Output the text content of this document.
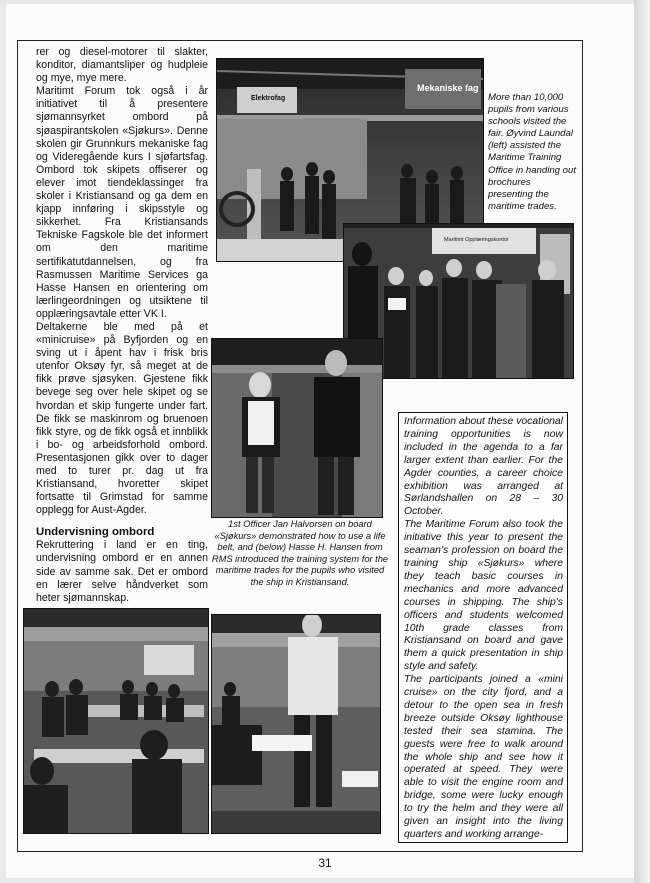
rer og diesel-motorer til slakter, konditor, diamantsliper og hudpleie og mye, mye mere.

Maritimt Forum tok også i år initiativet til å presentere sjømannsyrket ombord på sjøaspirantskolen «Sjøkurs». Denne skolen gir Grunnkurs mekaniske fag og Videregående kurs I sjøfartsfag. Ombord tok skipets offiserer og elever imot tiendeklassinger fra skoler i Kristiansand og ga dem en kjapp innføring i skipsstyle og sikkerhet. Fra Kristiansands Tekniske Fagskole ble det informert om den maritime sertifikatutdannelsen, og fra Rasmussen Maritime Services ga Hasse Hansen en orientering om lærlingeordningen og utsiktene til opplæringsavtale etter VK I.

Deltakerne ble med på et «minicruise» på Byfjorden og en sving ut i åpent hav i frisk bris utenfor Oksøy fyr, så meget at de fikk prøve sjøsyken. Gjestene fikk bevege seg over hele skipet og se hvordan et skip fungerte under fart. De fikk se maskinrom og bruenoen fikk styre, og de fikk også et innblikk i bo- og arbeidsforhold ombord. Presentasjonen gikk over to dager med to turer pr. dag ut fra Kristiansand, hvoretter skipet fortsatte til Grimstad for samme opplegg for Aust-Agder.

Undervisning ombord

Rekruttering i land er en ting, undervisning ombord er en annen side av samme sak. Det er ombord en lærer selve håndverket som heter sjømannskap.

Elektrofag
Mekaniske fag
More than 10,000 pupils from various schools visited the fair. Øyvind Laundal (left) assisted the Maritime Training Office in handing out brochures presenting the maritime trades.
Maritimt Opplæringskontor
1st Officer Jan Halvorsen on board «Sjøkurs» demonstrated how to use a life belt, and (below) Hasse H. Hansen from RMS introduced the training system for the maritime trades for the pupils who visited the ship in Kristiansand.

Information about these vocational training opportunities is now included in the agenda to a far larger extent than earlier. For the Agder counties, a career choice exhibition was arranged at Sørlandshallen on 28 – 30 October.

The Maritime Forum also took the initiative this year to present the seaman's profession on board the training ship «Sjøkurs» where they teach basic courses in mechanics and more advanced courses in shipping. The ship's officers and students welcomed 10th grade classes from Kristiansand on board and gave them a quick presentation in ship style and safety.

The participants joined a «mini cruise» on the city fjord, and a detour to the open sea in fresh breeze outside Oksøy lighthouse tested their sea stamina. The guests were free to walk around the whole ship and see how it operated at speed. They were able to visit the engine room and bridge, some were lucky enough to try the helm and they were all given an insight into the living quarters and working arrange-

31
